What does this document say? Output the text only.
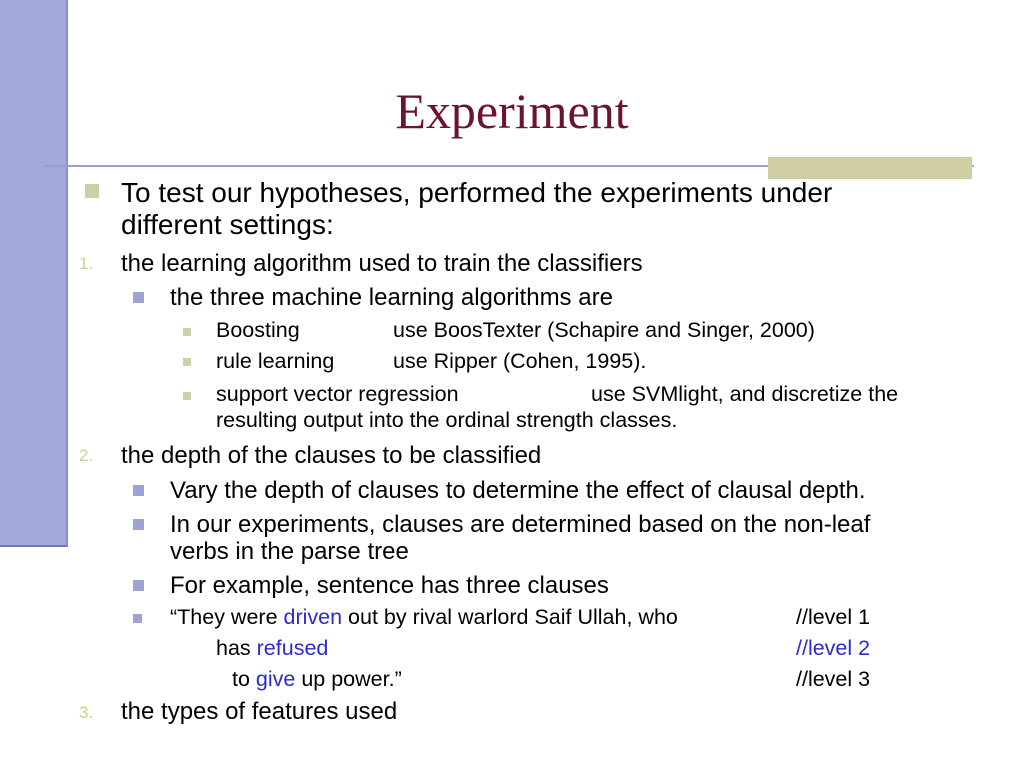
Experiment
To test our hypotheses, performed the experiments under
different settings:
1. the learning algorithm used to train the classifiers
the three machine learning algorithms are
Boosting	use BoosTexter (Schapire and Singer, 2000)
rule learning	use Ripper (Cohen, 1995).
support vector regression	use SVMlight, and discretize the
resulting output into the ordinal strength classes.
2. the depth of the clauses to be classified
Vary the depth of clauses to determine the effect of clausal depth.
In our experiments, clauses are determined based on the non-leaf
verbs in the parse tree
For example, sentence has three clauses
“They were driven out by rival warlord Saif Ullah, who	//level 1
has refused	//level 2
to give up power.”	//level 3
3. the types of features used
